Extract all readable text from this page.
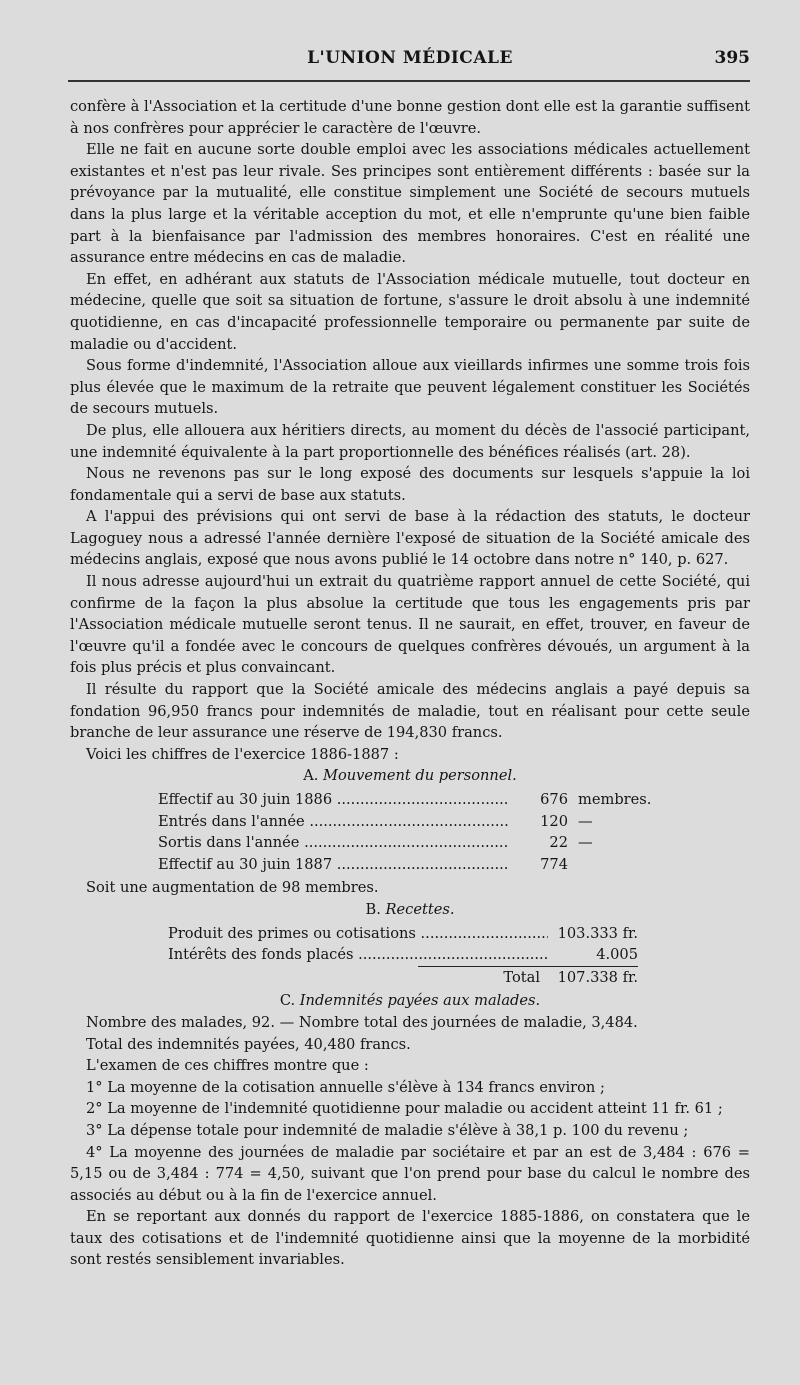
L'UNION MÉDICALE	395

confère à l'Association et la certitude d'une bonne gestion dont elle est la garantie suffisent à nos confrères pour apprécier le caractère de l'œuvre.

Elle ne fait en aucune sorte double emploi avec les associations médicales actuellement existantes et n'est pas leur rivale. Ses principes sont entièrement différents : basée sur la prévoyance par la mutualité, elle constitue simplement une Société de secours mutuels dans la plus large et la véritable acception du mot, et elle n'emprunte qu'une bien faible part à la bienfaisance par l'admission des membres honoraires. C'est en réalité une assurance entre médecins en cas de maladie.

En effet, en adhérant aux statuts de l'Association médicale mutuelle, tout docteur en médecine, quelle que soit sa situation de fortune, s'assure le droit absolu à une indemnité quotidienne, en cas d'incapacité professionnelle temporaire ou permanente par suite de maladie ou d'accident.

Sous forme d'indemnité, l'Association alloue aux vieillards infirmes une somme trois fois plus élevée que le maximum de la retraite que peuvent légalement constituer les Sociétés de secours mutuels.

De plus, elle allouera aux héritiers directs, au moment du décès de l'associé participant, une indemnité équivalente à la part proportionnelle des bénéfices réalisés (art. 28).

Nous ne revenons pas sur le long exposé des documents sur lesquels s'appuie la loi fondamentale qui a servi de base aux statuts.

A l'appui des prévisions qui ont servi de base à la rédaction des statuts, le docteur Lagoguey nous a adressé l'année dernière l'exposé de situation de la Société amicale des médecins anglais, exposé que nous avons publié le 14 octobre dans notre n° 140, p. 627.

Il nous adresse aujourd'hui un extrait du quatrième rapport annuel de cette Société, qui confirme de la façon la plus absolue la certitude que tous les engagements pris par l'Association médicale mutuelle seront tenus. Il ne saurait, en effet, trouver, en faveur de l'œuvre qu'il a fondée avec le concours de quelques confrères dévoués, un argument à la fois plus précis et plus convaincant.

Il résulte du rapport que la Société amicale des médecins anglais a payé depuis sa fondation 96,950 francs pour indemnités de maladie, tout en réalisant pour cette seule branche de leur assurance une réserve de 194,830 francs.

Voici les chiffres de l'exercice 1886-1887 :

A. Mouvement du personnel.

Effectif au 30 juin 1886 .....	676 membres.
Entrés dans l'année .....	120 —
Sortis dans l'année .....	22 —
Effectif au 30 juin 1887 .....	774

Soit une augmentation de 98 membres.

B. Recettes.

Produit des primes ou cotisations .....	103.333 fr.
Intérêts des fonds placés .....	4.005
Total	107.338 fr.

C. Indemnités payées aux malades.

Nombre des malades, 92. — Nombre total des journées de maladie, 3,484.

Total des indemnités payées, 40,480 francs.

L'examen de ces chiffres montre que :

1° La moyenne de la cotisation annuelle s'élève à 134 francs environ ;

2° La moyenne de l'indemnité quotidienne pour maladie ou accident atteint 11 fr. 61 ;

3° La dépense totale pour indemnité de maladie s'élève à 38,1 p. 100 du revenu ;

4° La moyenne des journées de maladie par sociétaire et par an est de 3,484 : 676 = 5,15 ou de 3,484 : 774 = 4,50, suivant que l'on prend pour base du calcul le nombre des associés au début ou à la fin de l'exercice annuel.

En se reportant aux donnés du rapport de l'exercice 1885-1886, on constatera que le taux des cotisations et de l'indemnité quotidienne ainsi que la moyenne de la morbidité sont restés sensiblement invariables.
